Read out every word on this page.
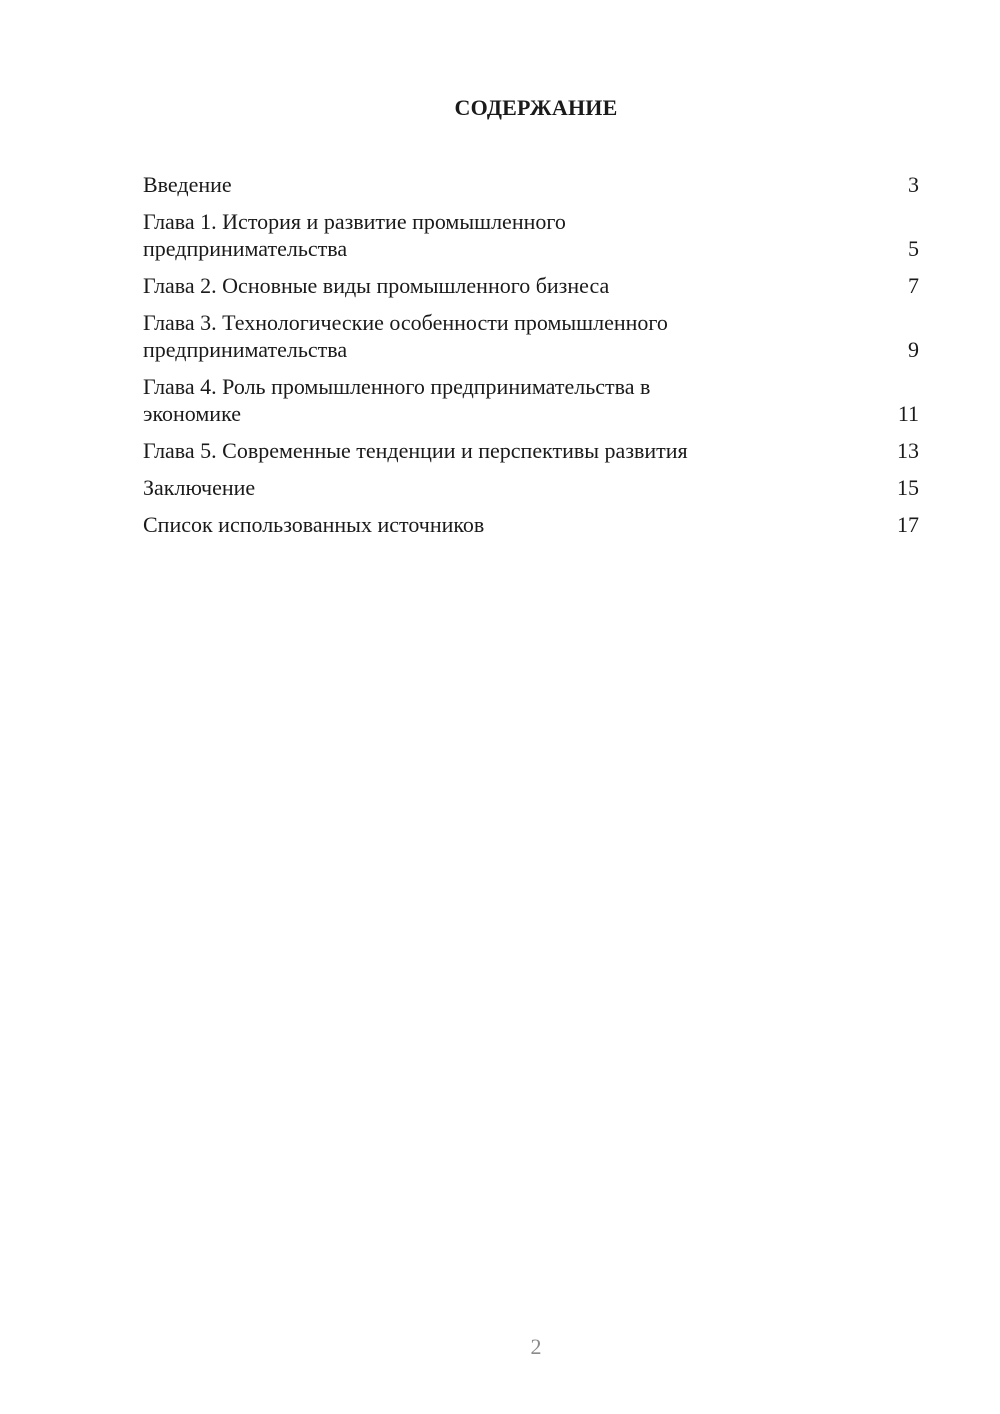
СОДЕРЖАНИЕ
Введение	3
Глава 1. История и развитие промышленного
предпринимательства	5
Глава 2. Основные виды промышленного бизнеса	7
Глава 3. Технологические особенности промышленного
предпринимательства	9
Глава 4. Роль промышленного предпринимательства в
экономике	11
Глава 5. Современные тенденции и перспективы развития	13
Заключение	15
Список использованных источников	17
2
